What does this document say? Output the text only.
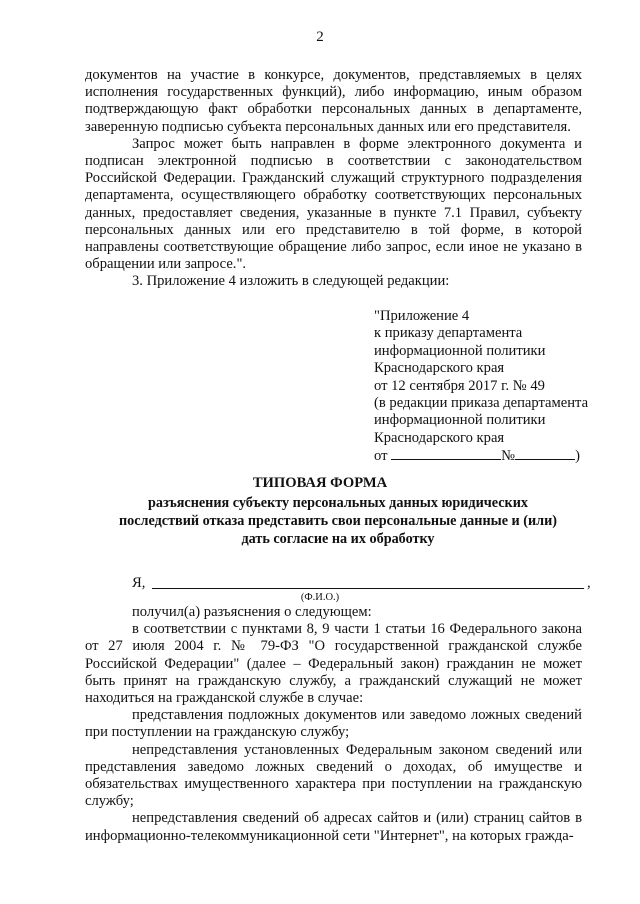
2

документов на участие в конкурсе, документов, представляемых в целях исполнения государственных функций), либо информацию, иным образом подтверждающую факт обработки персональных данных в департаменте, заверенную подписью субъекта персональных данных или его представителя.

Запрос может быть направлен в форме электронного документа и подписан электронной подписью в соответствии с законодательством Российской Федерации. Гражданский служащий структурного подразделения департамента, осуществляющего обработку соответствующих персональных данных, предоставляет сведения, указанные в пункте 7.1 Правил, субъекту персональных данных или его представителю в той форме, в которой направлены соответствующие обращение либо запрос, если иное не указано в обращении или запросе.".

3. Приложение 4 изложить в следующей редакции:

"Приложение 4
к приказу департамента
информационной политики
Краснодарского края
от 12 сентября 2017 г. № 49
(в редакции приказа департамента
информационной политики
Краснодарского края
от	№	)
ТИПОВАЯ ФОРМА
разъяснения субъекту персональных данных юридических последствий отказа представить свои персональные данные и (или) дать согласие на их обработку
Я,	,
(Ф.И.О.)

получил(а) разъяснения о следующем:

в соответствии с пунктами 8, 9 части 1 статьи 16 Федерального закона от 27 июля 2004 г. № 79-ФЗ "О государственной гражданской службе Российской Федерации" (далее – Федеральный закон) гражданин не может быть принят на гражданскую службу, а гражданский служащий не может находиться на гражданской службе в случае:

представления подложных документов или заведомо ложных сведений при поступлении на гражданскую службу;

непредставления установленных Федеральным законом сведений или представления заведомо ложных сведений о доходах, об имуществе и обязательствах имущественного характера при поступлении на гражданскую службу;

непредставления сведений об адресах сайтов и (или) страниц сайтов в информационно-телекоммуникационной сети "Интернет", на которых гражда-
